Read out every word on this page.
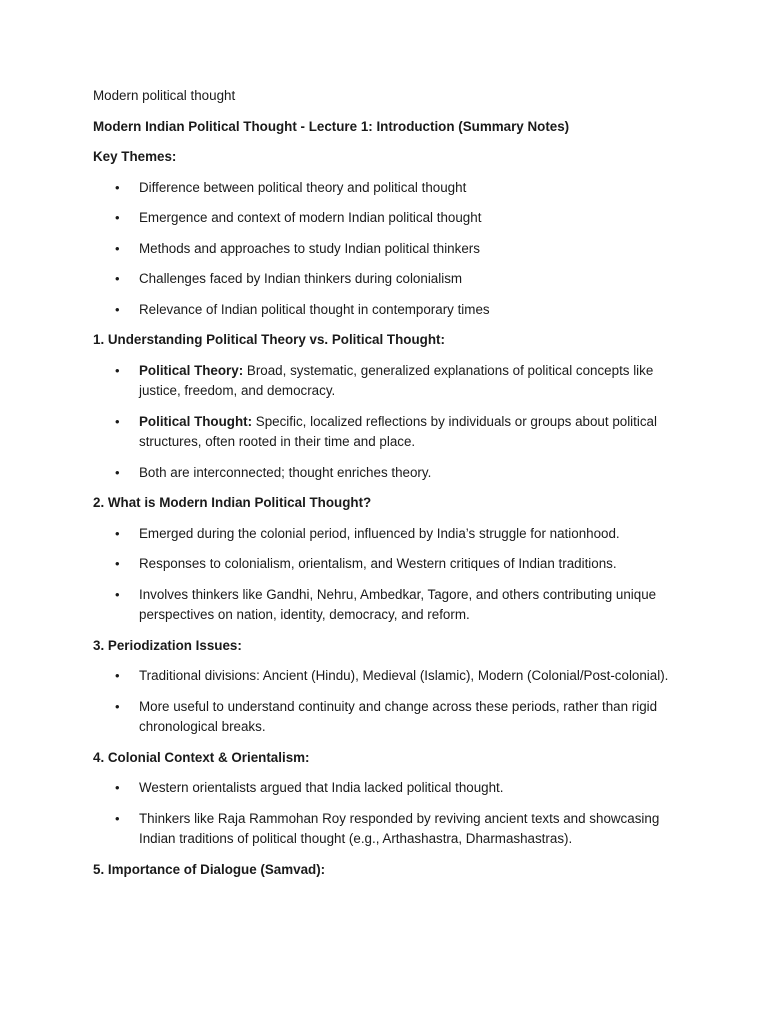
Modern political thought

Modern Indian Political Thought - Lecture 1: Introduction (Summary Notes)

Key Themes:

• Difference between political theory and political thought
• Emergence and context of modern Indian political thought
• Methods and approaches to study Indian political thinkers
• Challenges faced by Indian thinkers during colonialism
• Relevance of Indian political thought in contemporary times

1. Understanding Political Theory vs. Political Thought:

• Political Theory: Broad, systematic, generalized explanations of political concepts like justice, freedom, and democracy.
• Political Thought: Specific, localized reflections by individuals or groups about political structures, often rooted in their time and place.
• Both are interconnected; thought enriches theory.

2. What is Modern Indian Political Thought?

• Emerged during the colonial period, influenced by India’s struggle for nationhood.
• Responses to colonialism, orientalism, and Western critiques of Indian traditions.
• Involves thinkers like Gandhi, Nehru, Ambedkar, Tagore, and others contributing unique perspectives on nation, identity, democracy, and reform.

3. Periodization Issues:

• Traditional divisions: Ancient (Hindu), Medieval (Islamic), Modern (Colonial/Post-colonial).
• More useful to understand continuity and change across these periods, rather than rigid chronological breaks.

4. Colonial Context & Orientalism:

• Western orientalists argued that India lacked political thought.
• Thinkers like Raja Rammohan Roy responded by reviving ancient texts and showcasing Indian traditions of political thought (e.g., Arthashastra, Dharmashastras).

5. Importance of Dialogue (Samvad):
